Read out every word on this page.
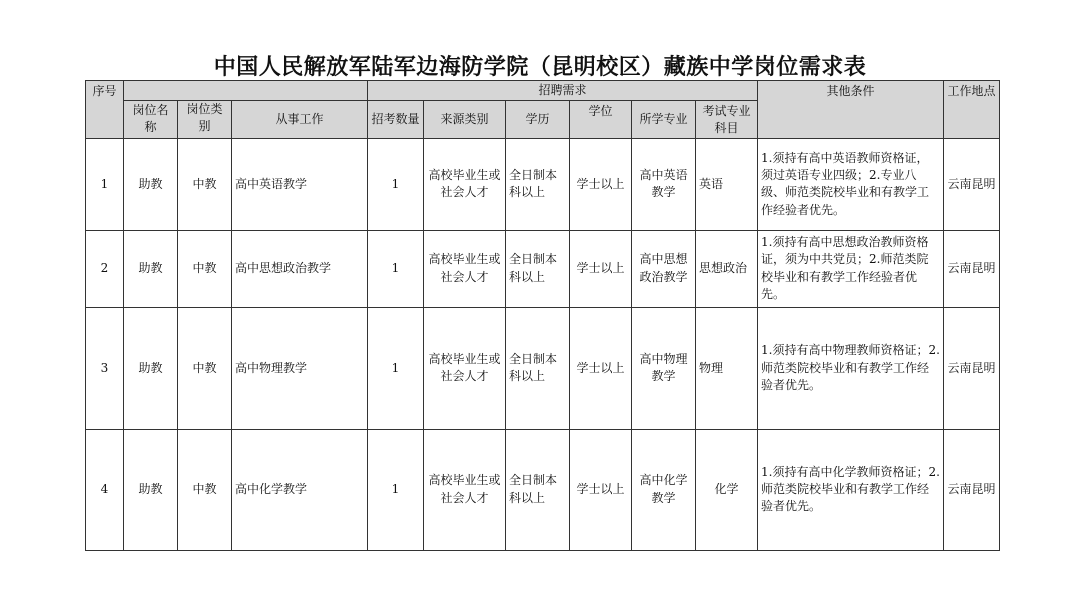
中国人民解放军陆军边海防学院（昆明校区）藏族中学岗位需求表
序号				招聘需求						其他条件	工作地点
	岗位名称	岗位类别	从事工作	招考数量	来源类别	学历	学位	所学专业	考试专业科目		
1	助教	中教	高中英语教学	1	高校毕业生或社会人才	全日制本科以上	学士以上	高中英语教学	英语	1.须持有高中英语教师资格证，须过英语专业四级；2.专业八级、师范类院校毕业和有教学工作经验者优先。	云南昆明
2	助教	中教	高中思想政治教学	1	高校毕业生或社会人才	全日制本科以上	学士以上	高中思想政治教学	思想政治	1.须持有高中思想政治教师资格证，须为中共党员；2.师范类院校毕业和有教学工作经验者优先。	云南昆明
3	助教	中教	高中物理教学	1	高校毕业生或社会人才	全日制本科以上	学士以上	高中物理教学	物理	1.须持有高中物理教师资格证；2.师范类院校毕业和有教学工作经验者优先。	云南昆明
4	助教	中教	高中化学教学	1	高校毕业生或社会人才	全日制本科以上	学士以上	高中化学教学	化学	1.须持有高中化学教师资格证；2.师范类院校毕业和有教学工作经验者优先。	云南昆明
